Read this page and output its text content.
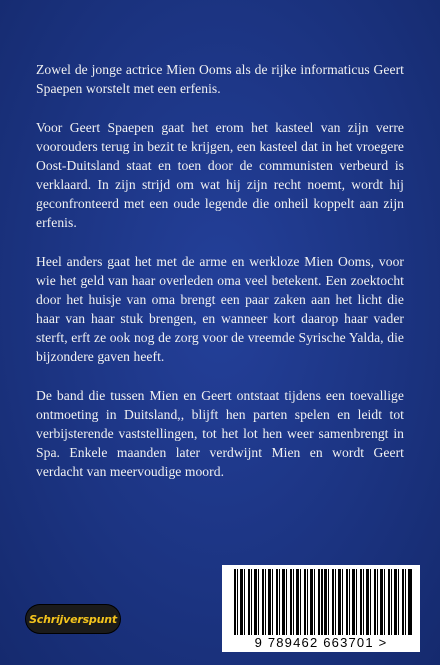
Zowel de jonge actrice Mien Ooms als de rijke informaticus Geert Spaepen worstelt met een erfenis.

Voor Geert Spaepen gaat het erom het kasteel van zijn verre voorouders terug in bezit te krijgen, een kasteel dat in het vroegere Oost-Duitsland staat en toen door de communisten verbeurd is verklaard. In zijn strijd om wat hij zijn recht noemt, wordt hij geconfronteerd met een oude legende die onheil koppelt aan zijn erfenis.

Heel anders gaat het met de arme en werkloze Mien Ooms, voor wie het geld van haar overleden oma veel betekent. Een zoektocht door het huisje van oma brengt een paar zaken aan het licht die haar van haar stuk brengen, en wanneer kort daarop haar vader sterft, erft ze ook nog de zorg voor de vreemde Syrische Yalda, die bijzondere gaven heeft.

De band die tussen Mien en Geert ontstaat tijdens een toevallige ontmoeting in Duitsland,, blijft hen parten spelen en leidt tot verbijsterende vaststellingen, tot het lot hen weer samenbrengt in Spa. Enkele maanden later verdwijnt Mien en wordt Geert verdacht van meervoudige moord.

Schrijverspunt
9 789462 663701 >
